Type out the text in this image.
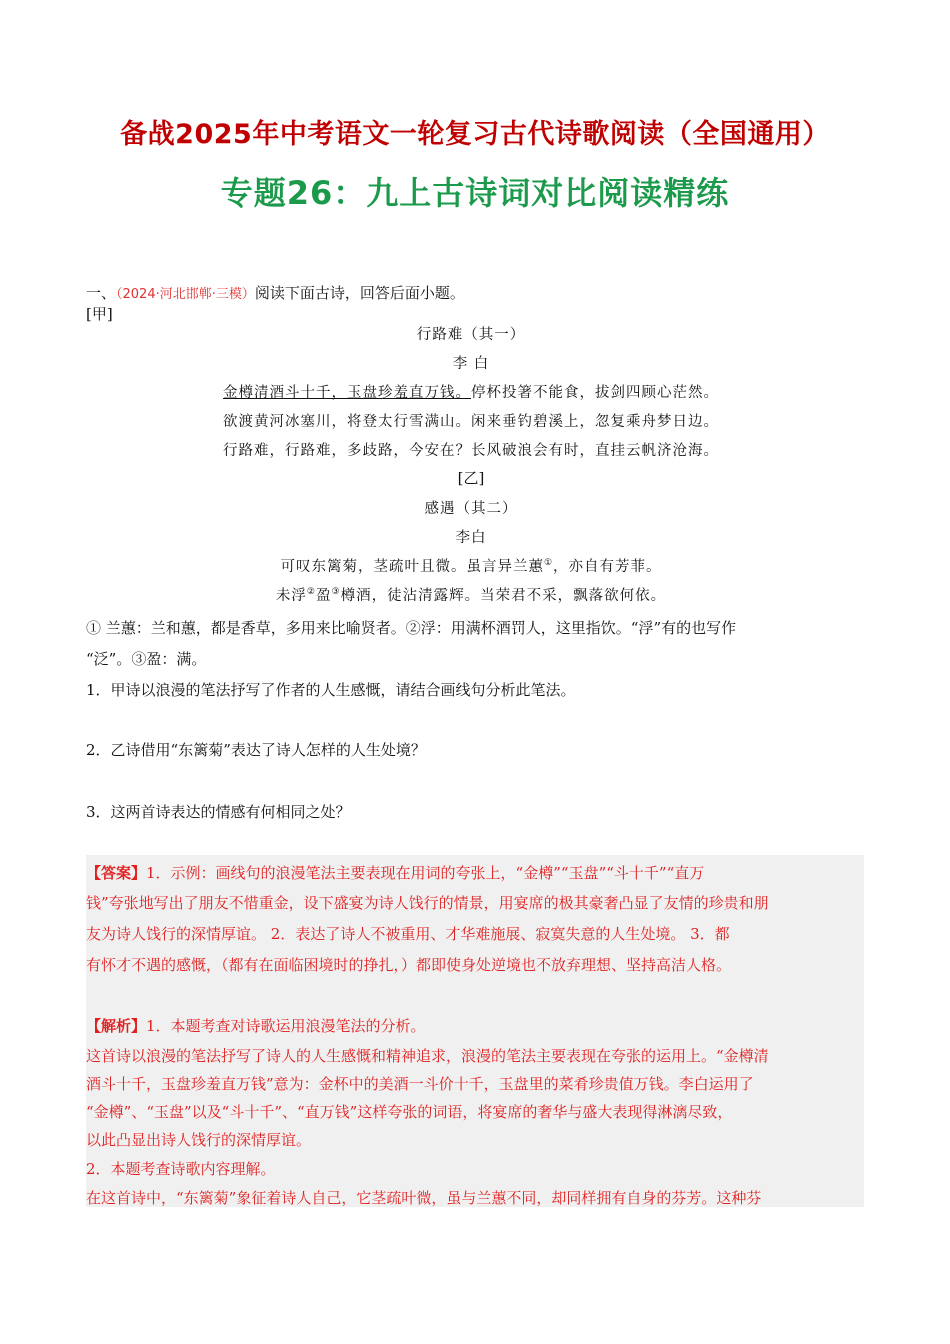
备战2025年中考语文一轮复习古代诗歌阅读（全国通用）
专题26：九上古诗词对比阅读精练
一、（2024·河北邯郸·三模）阅读下面古诗，回答后面小题。
[甲]
行路难（其一）
李 白
金樽清酒斗十千，玉盘珍羞直万钱。停杯投箸不能食，拔剑四顾心茫然。
欲渡黄河冰塞川，将登太行雪满山。闲来垂钓碧溪上，忽复乘舟梦日边。
行路难，行路难，多歧路，今安在？长风破浪会有时，直挂云帆济沧海。
[乙]
感遇（其二）
李白
可叹东篱菊，茎疏叶且微。虽言异兰蕙①，亦自有芳菲。
未浮②盈③樽酒，徒沾清露辉。当荣君不采，飘落欲何依。
① 兰蕙：兰和蕙，都是香草，多用来比喻贤者。②浮：用满杯酒罚人，这里指饮。“浮”有的也写作
“泛”。③盈：满。
1．甲诗以浪漫的笔法抒写了作者的人生感慨，请结合画线句分析此笔法。
2．乙诗借用“东篱菊”表达了诗人怎样的人生处境？
3．这两首诗表达的情感有何相同之处？
【答案】1．示例：画线句的浪漫笔法主要表现在用词的夸张上，“金樽”“玉盘”“斗十千”“直万
钱”夸张地写出了朋友不惜重金，设下盛宴为诗人饯行的情景，用宴席的极其豪奢凸显了友情的珍贵和朋
友为诗人饯行的深情厚谊。 2．表达了诗人不被重用、才华难施展、寂寞失意的人生处境。 3．都
有怀才不遇的感慨，（都有在面临困境时的挣扎，）都即使身处逆境也不放弃理想、坚持高洁人格。
【解析】1．本题考查对诗歌运用浪漫笔法的分析。
这首诗以浪漫的笔法抒写了诗人的人生感慨和精神追求，浪漫的笔法主要表现在夸张的运用上。“金樽清
酒斗十千，玉盘珍羞直万钱”意为：金杯中的美酒一斗价十千，玉盘里的菜肴珍贵值万钱。李白运用了
“金樽”、“玉盘”以及“斗十千”、“直万钱”这样夸张的词语，将宴席的奢华与盛大表现得淋漓尽致，
以此凸显出诗人饯行的深情厚谊。
2．本题考查诗歌内容理解。
在这首诗中，“东篱菊”象征着诗人自己，它茎疏叶微，虽与兰蕙不同，却同样拥有自身的芬芳。这种芬
